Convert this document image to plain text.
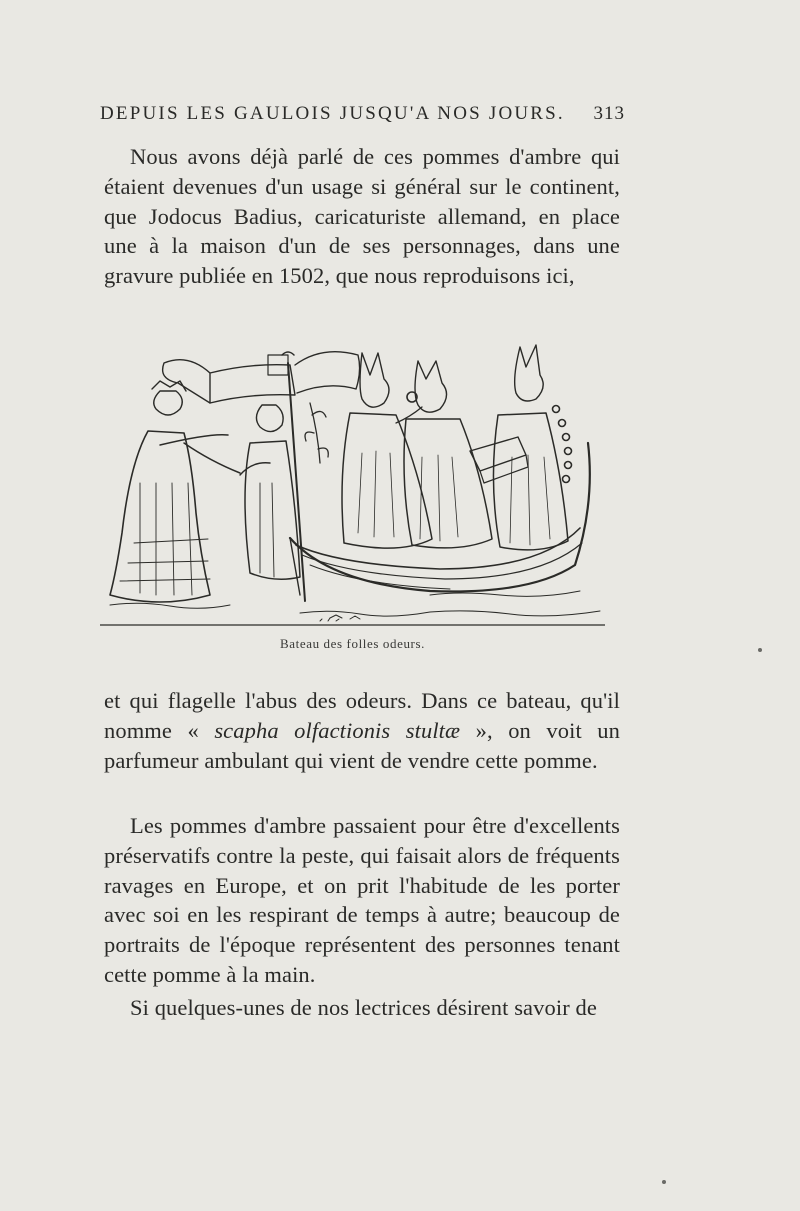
DEPUIS LES GAULOIS JUSQU'A NOS JOURS. 313

Nous avons déjà parlé de ces pommes d'ambre qui étaient devenues d'un usage si général sur le continent, que Jodocus Badius, caricaturiste allemand, en place une à la maison d'un de ses personnages, dans une gravure publiée en 1502, que nous reproduisons ici,

Bateau des folles odeurs.

et qui flagelle l'abus des odeurs. Dans ce bateau, qu'il nomme « scapha olfactionis stultæ », on voit un parfumeur ambulant qui vient de vendre cette pomme.

Les pommes d'ambre passaient pour être d'excellents préservatifs contre la peste, qui faisait alors de fréquents ravages en Europe, et on prit l'habitude de les porter avec soi en les respirant de temps à autre; beaucoup de portraits de l'époque représentent des personnes tenant cette pomme à la main.

Si quelques-unes de nos lectrices désirent savoir de
